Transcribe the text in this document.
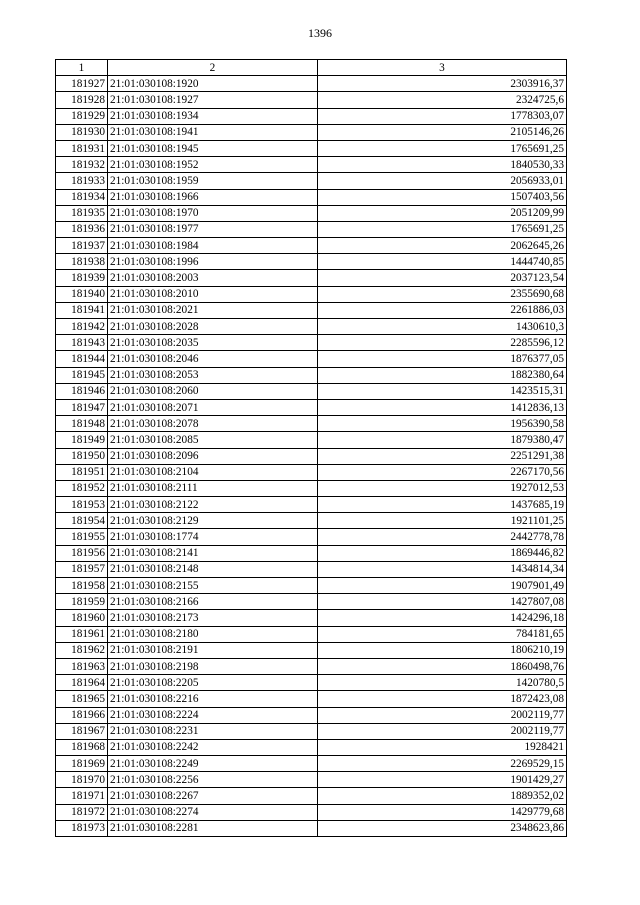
1396
1	2	3
181927	21:01:030108:1920	2303916,37
181928	21:01:030108:1927	2324725,6
181929	21:01:030108:1934	1778303,07
181930	21:01:030108:1941	2105146,26
181931	21:01:030108:1945	1765691,25
181932	21:01:030108:1952	1840530,33
181933	21:01:030108:1959	2056933,01
181934	21:01:030108:1966	1507403,56
181935	21:01:030108:1970	2051209,99
181936	21:01:030108:1977	1765691,25
181937	21:01:030108:1984	2062645,26
181938	21:01:030108:1996	1444740,85
181939	21:01:030108:2003	2037123,54
181940	21:01:030108:2010	2355690,68
181941	21:01:030108:2021	2261886,03
181942	21:01:030108:2028	1430610,3
181943	21:01:030108:2035	2285596,12
181944	21:01:030108:2046	1876377,05
181945	21:01:030108:2053	1882380,64
181946	21:01:030108:2060	1423515,31
181947	21:01:030108:2071	1412836,13
181948	21:01:030108:2078	1956390,58
181949	21:01:030108:2085	1879380,47
181950	21:01:030108:2096	2251291,38
181951	21:01:030108:2104	2267170,56
181952	21:01:030108:2111	1927012,53
181953	21:01:030108:2122	1437685,19
181954	21:01:030108:2129	1921101,25
181955	21:01:030108:1774	2442778,78
181956	21:01:030108:2141	1869446,82
181957	21:01:030108:2148	1434814,34
181958	21:01:030108:2155	1907901,49
181959	21:01:030108:2166	1427807,08
181960	21:01:030108:2173	1424296,18
181961	21:01:030108:2180	784181,65
181962	21:01:030108:2191	1806210,19
181963	21:01:030108:2198	1860498,76
181964	21:01:030108:2205	1420780,5
181965	21:01:030108:2216	1872423,08
181966	21:01:030108:2224	2002119,77
181967	21:01:030108:2231	2002119,77
181968	21:01:030108:2242	1928421
181969	21:01:030108:2249	2269529,15
181970	21:01:030108:2256	1901429,27
181971	21:01:030108:2267	1889352,02
181972	21:01:030108:2274	1429779,68
181973	21:01:030108:2281	2348623,86
